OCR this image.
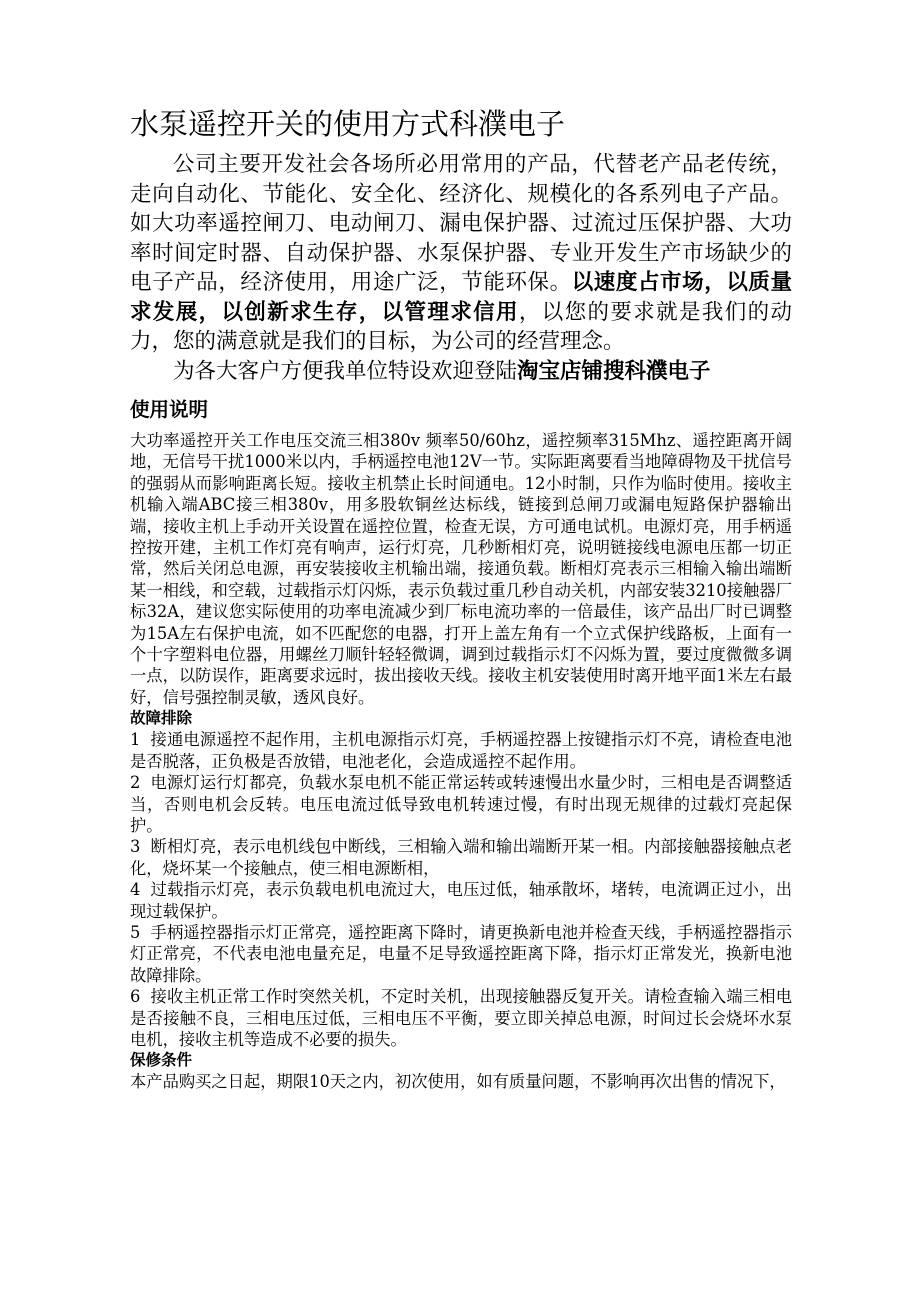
水泵遥控开关的使用方式科濮电子

公司主要开发社会各场所必用常用的产品，代替老产品老传统，走向自动化、节能化、安全化、经济化、规模化的各系列电子产品。如大功率遥控闸刀、电动闸刀、漏电保护器、过流过压保护器、大功率时间定时器、自动保护器、水泵保护器、专业开发生产市场缺少的电子产品，经济使用，用途广泛，节能环保。以速度占市场，以质量求发展，以创新求生存，以管理求信用，以您的要求就是我们的动力，您的满意就是我们的目标，为公司的经营理念。

为各大客户方便我单位特设欢迎登陆淘宝店铺搜科濮电子

使用说明

大功率遥控开关工作电压交流三相380v 频率50/60hz，遥控频率315Mhz、遥控距离开阔地，无信号干扰1000米以内，手柄遥控电池12V一节。实际距离要看当地障碍物及干扰信号的强弱从而影响距离长短。接收主机禁止长时间通电。12小时制，只作为临时使用。接收主机输入端ABC接三相380v，用多股软铜丝达标线，链接到总闸刀或漏电短路保护器输出端，接收主机上手动开关设置在遥控位置，检查无误，方可通电试机。电源灯亮，用手柄遥控按开建，主机工作灯亮有响声，运行灯亮，几秒断相灯亮，说明链接线电源电压都一切正常，然后关闭总电源，再安装接收主机输出端，接通负载。断相灯亮表示三相输入输出端断某一相线，和空载，过载指示灯闪烁，表示负载过重几秒自动关机，内部安装3210接触器厂标32A，建议您实际使用的功率电流减少到厂标电流功率的一倍最佳，该产品出厂时已调整为15A左右保护电流，如不匹配您的电器，打开上盖左角有一个立式保护线路板，上面有一个十字塑料电位器，用螺丝刀顺针轻轻微调，调到过载指示灯不闪烁为置，要过度微微多调一点，以防误作，距离要求远时，拔出接收天线。接收主机安装使用时离开地平面1米左右最好，信号强控制灵敏，透风良好。

故障排除

1 接通电源遥控不起作用，主机电源指示灯亮，手柄遥控器上按键指示灯不亮，请检查电池是否脱落，正负极是否放错，电池老化，会造成遥控不起作用。

2 电源灯运行灯都亮，负载水泵电机不能正常运转或转速慢出水量少时，三相电是否调整适当，否则电机会反转。电压电流过低导致电机转速过慢，有时出现无规律的过载灯亮起保护。

3 断相灯亮，表示电机线包中断线，三相输入端和输出端断开某一相。内部接触器接触点老化，烧坏某一个接触点，使三相电源断相，

4 过载指示灯亮，表示负载电机电流过大，电压过低，轴承散坏，堵转，电流调正过小，出现过载保护。

5 手柄遥控器指示灯正常亮，遥控距离下降时，请更换新电池并检查天线，手柄遥控器指示灯正常亮，不代表电池电量充足，电量不足导致遥控距离下降，指示灯正常发光，换新电池故障排除。

6 接收主机正常工作时突然关机，不定时关机，出现接触器反复开关。请检查输入端三相电是否接触不良，三相电压过低，三相电压不平衡，要立即关掉总电源，时间过长会烧坏水泵电机，接收主机等造成不必要的损失。

保修条件

本产品购买之日起，期限10天之内，初次使用，如有质量问题，不影响再次出售的情况下，
